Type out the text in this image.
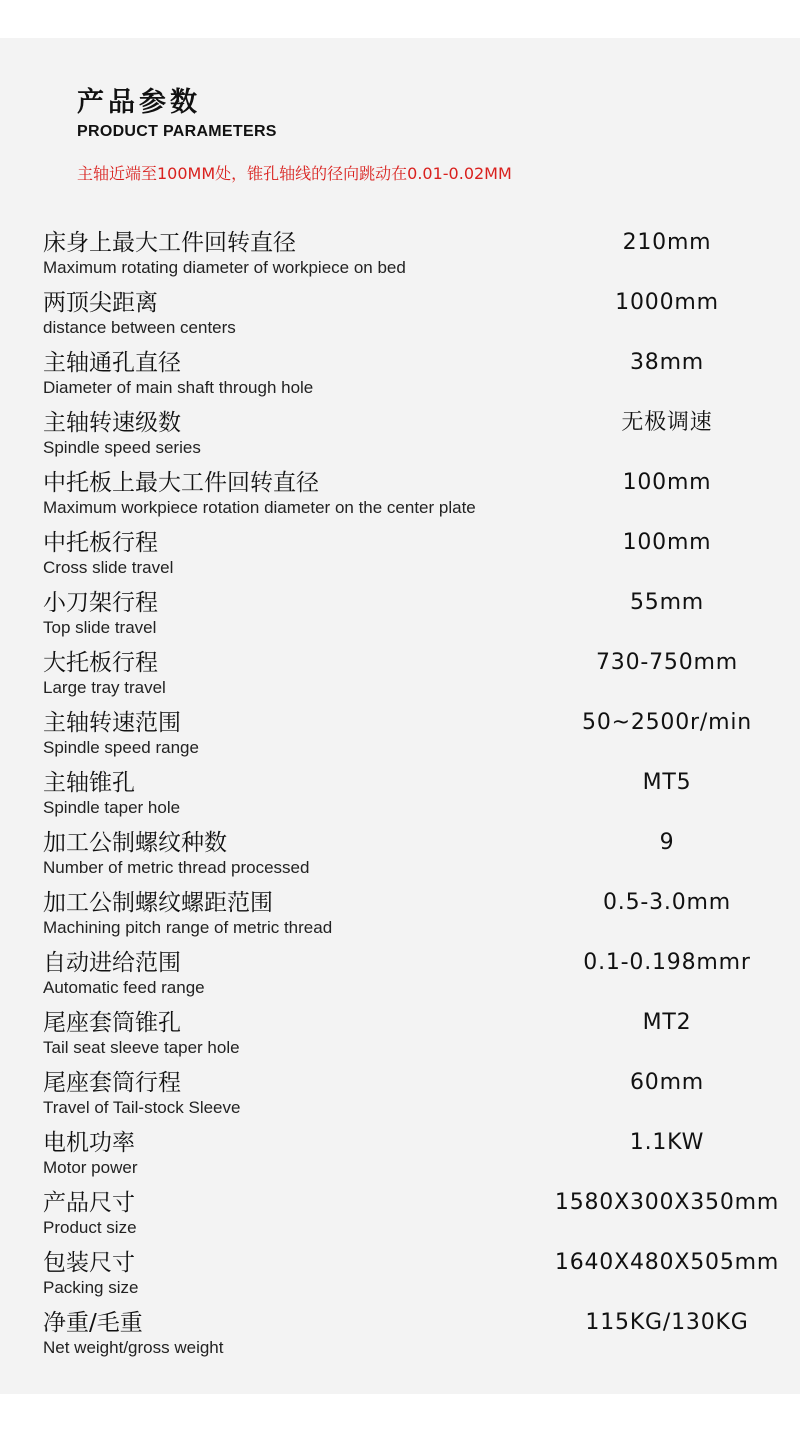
产品参数
PRODUCT PARAMETERS
主轴近端至100MM处，锥孔轴线的径向跳动在0.01-0.02MM
床身上最大工件回转直径
Maximum rotating diameter of workpiece on bed
210mm
两顶尖距离
distance between centers
1000mm
主轴通孔直径
Diameter of main shaft through hole
38mm
主轴转速级数
Spindle speed series
无极调速
中托板上最大工件回转直径
Maximum workpiece rotation diameter on the center plate
100mm
中托板行程
Cross slide travel
100mm
小刀架行程
Top slide travel
55mm
大托板行程
Large tray travel
730-750mm
主轴转速范围
Spindle speed range
50~2500r/min
主轴锥孔
Spindle taper hole
MT5
加工公制螺纹种数
Number of metric thread processed
9
加工公制螺纹螺距范围
Machining pitch range of metric thread
0.5-3.0mm
自动进给范围
Automatic feed range
0.1-0.198mmr
尾座套筒锥孔
Tail seat sleeve taper hole
MT2
尾座套筒行程
Travel of Tail-stock Sleeve
60mm
电机功率
Motor power
1.1KW
产品尺寸
Product size
1580X300X350mm
包装尺寸
Packing size
1640X480X505mm
净重/毛重
Net weight/gross weight
115KG/130KG
